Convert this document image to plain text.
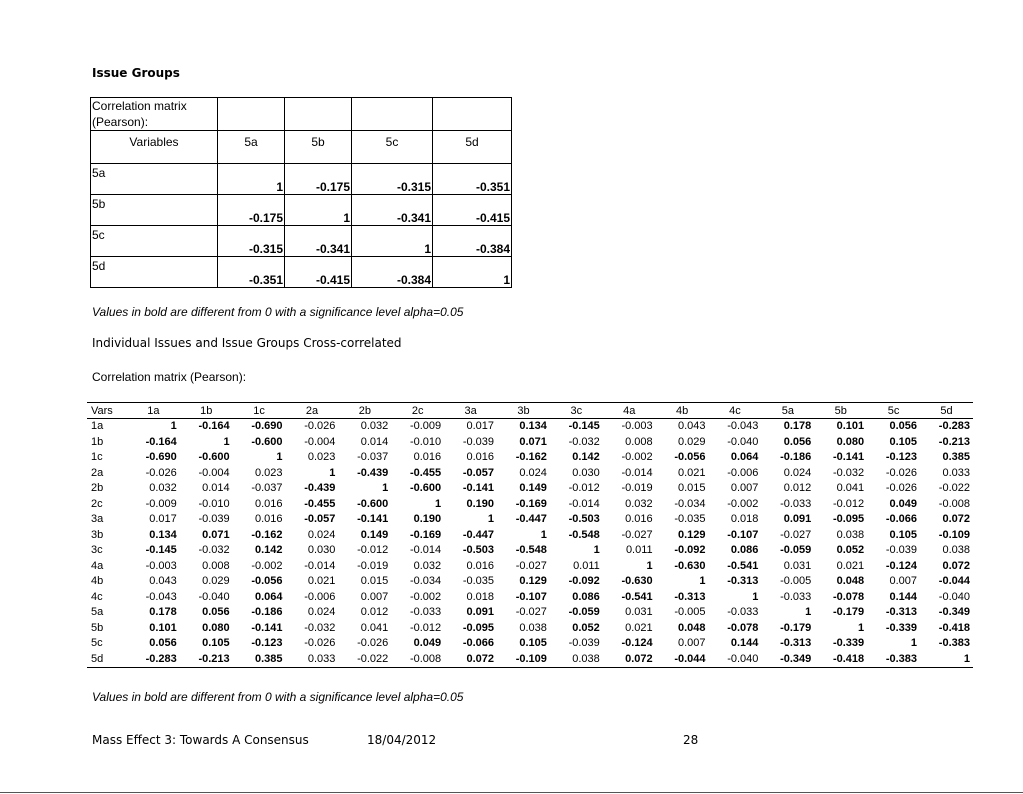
Issue Groups
Correlation matrix (Pearson):				
Variables	5a	5b	5c	5d
5a	1	-0.175	-0.315	-0.351
5b	-0.175	1	-0.341	-0.415
5c	-0.315	-0.341	1	-0.384
5d	-0.351	-0.415	-0.384	1
Values in bold are different from 0 with a significance level alpha=0.05
Individual Issues and Issue Groups Cross-correlated
Correlation matrix (Pearson):
Vars	1a	1b	1c	2a	2b	2c	3a	3b	3c	4a	4b	4c	5a	5b	5c	5d
1a	1	-0.164	-0.690	-0.026	0.032	-0.009	0.017	0.134	-0.145	-0.003	0.043	-0.043	0.178	0.101	0.056	-0.283
1b	-0.164	1	-0.600	-0.004	0.014	-0.010	-0.039	0.071	-0.032	0.008	0.029	-0.040	0.056	0.080	0.105	-0.213
1c	-0.690	-0.600	1	0.023	-0.037	0.016	0.016	-0.162	0.142	-0.002	-0.056	0.064	-0.186	-0.141	-0.123	0.385
2a	-0.026	-0.004	0.023	1	-0.439	-0.455	-0.057	0.024	0.030	-0.014	0.021	-0.006	0.024	-0.032	-0.026	0.033
2b	0.032	0.014	-0.037	-0.439	1	-0.600	-0.141	0.149	-0.012	-0.019	0.015	0.007	0.012	0.041	-0.026	-0.022
2c	-0.009	-0.010	0.016	-0.455	-0.600	1	0.190	-0.169	-0.014	0.032	-0.034	-0.002	-0.033	-0.012	0.049	-0.008
3a	0.017	-0.039	0.016	-0.057	-0.141	0.190	1	-0.447	-0.503	0.016	-0.035	0.018	0.091	-0.095	-0.066	0.072
3b	0.134	0.071	-0.162	0.024	0.149	-0.169	-0.447	1	-0.548	-0.027	0.129	-0.107	-0.027	0.038	0.105	-0.109
3c	-0.145	-0.032	0.142	0.030	-0.012	-0.014	-0.503	-0.548	1	0.011	-0.092	0.086	-0.059	0.052	-0.039	0.038
4a	-0.003	0.008	-0.002	-0.014	-0.019	0.032	0.016	-0.027	0.011	1	-0.630	-0.541	0.031	0.021	-0.124	0.072
4b	0.043	0.029	-0.056	0.021	0.015	-0.034	-0.035	0.129	-0.092	-0.630	1	-0.313	-0.005	0.048	0.007	-0.044
4c	-0.043	-0.040	0.064	-0.006	0.007	-0.002	0.018	-0.107	0.086	-0.541	-0.313	1	-0.033	-0.078	0.144	-0.040
5a	0.178	0.056	-0.186	0.024	0.012	-0.033	0.091	-0.027	-0.059	0.031	-0.005	-0.033	1	-0.179	-0.313	-0.349
5b	0.101	0.080	-0.141	-0.032	0.041	-0.012	-0.095	0.038	0.052	0.021	0.048	-0.078	-0.179	1	-0.339	-0.418
5c	0.056	0.105	-0.123	-0.026	-0.026	0.049	-0.066	0.105	-0.039	-0.124	0.007	0.144	-0.313	-0.339	1	-0.383
5d	-0.283	-0.213	0.385	0.033	-0.022	-0.008	0.072	-0.109	0.038	0.072	-0.044	-0.040	-0.349	-0.418	-0.383	1
Values in bold are different from 0 with a significance level alpha=0.05
Mass Effect 3: Towards A Consensus	18/04/2012	28
